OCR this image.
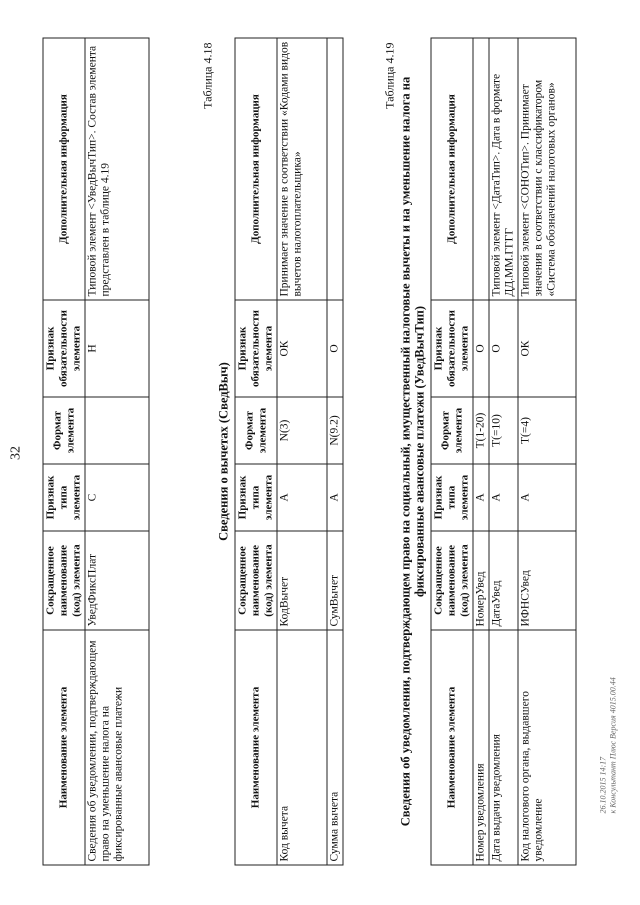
32
Наименование элемента	Сокращенное наименование (код) элемента	Признак типа элемента	Формат элемента	Признак обязательности элемента	Дополнительная информация
Сведения об уведомлении, подтверждающем право на уменьшение налога на фиксированные авансовые платежи	УведФиксПлат	С		Н	Типовой элемент <УведВычТип>. Состав элемента представлен в таблице 4.19
Таблица 4.18
Сведения о вычетах (СведВыч)
Наименование элемента	Сокращенное наименование (код) элемента	Признак типа элемента	Формат элемента	Признак обязательности элемента	Дополнительная информация
Код вычета	КодВычет	А	N(3)	ОК	Принимает значение в соответствии «Кодами видов вычетов налогоплательщика»
Сумма вычета	СумВычет	А	N(9.2)	О	
Таблица 4.19
Сведения об уведомлении, подтверждающем право на социальный, имущественный налоговые вычеты и на уменьшение налога на фиксированные авансовые платежи (УведВычТип)
Наименование элемента	Сокращенное наименование (код) элемента	Признак типа элемента	Формат элемента	Признак обязательности элемента	Дополнительная информация
Номер уведомления	НомерУвед	А	T(1-20)	О	
Дата выдачи уведомления	ДатаУвед	А	T(=10)	О	Типовой элемент <ДатаТип>. Дата в формате ДД.ММ.ГГГГ
Код налогового органа, выдавшего уведомление	ИФНСУвед	А	T(=4)	ОК	Типовой элемент <СОНОТип>. Принимает значения в соответствии с классификатором «Система обозначений налоговых органов»
26.10.2015 14:17 к Консультант Плюс Версия 4015.00.44
